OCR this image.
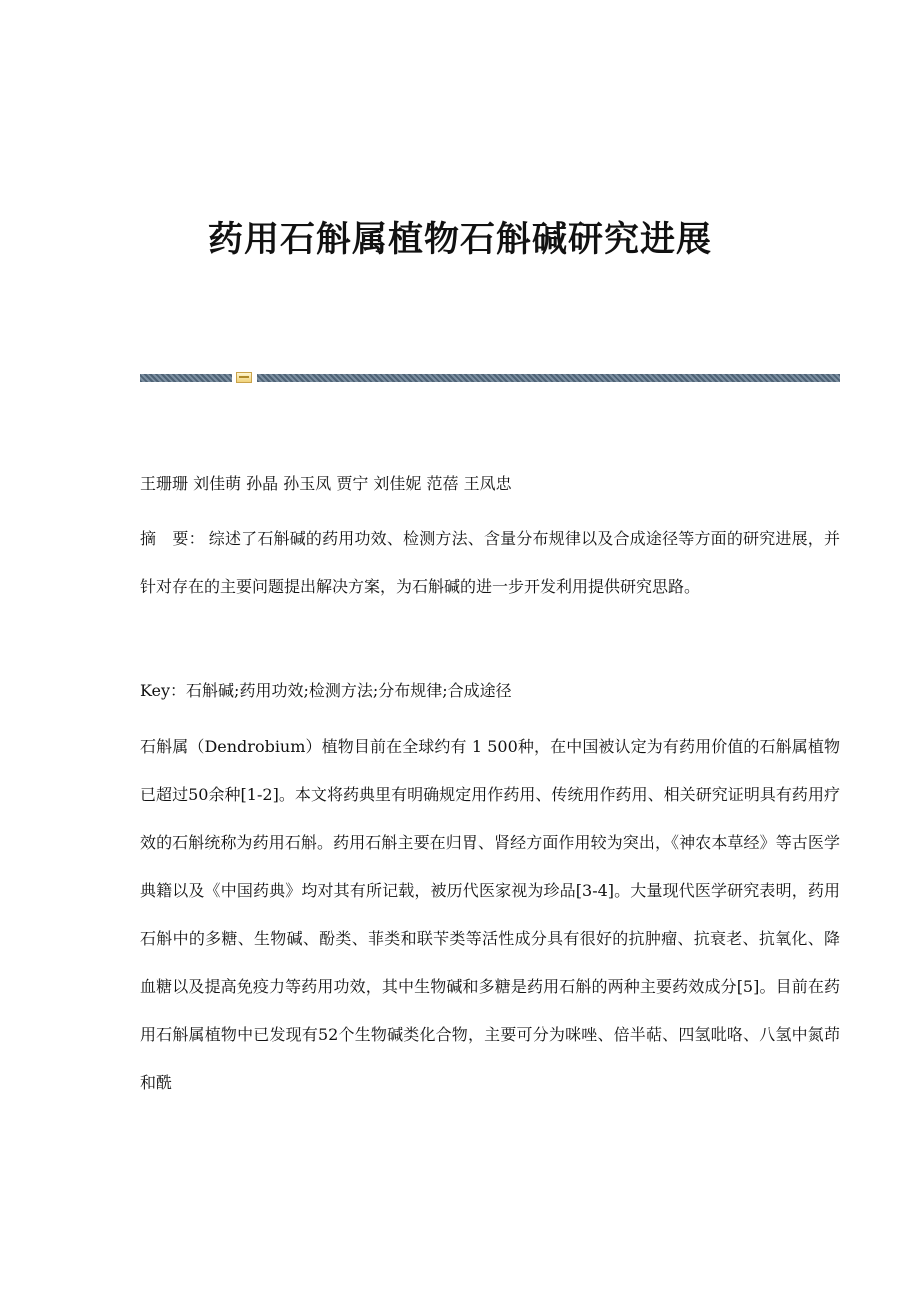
药用石斛属植物石斛碱研究进展

王珊珊 刘佳萌 孙晶 孙玉凤 贾宁 刘佳妮 范蓓 王凤忠

摘　要： 综述了石斛碱的药用功效、检测方法、含量分布规律以及合成途径等方面的研究进展，并针对存在的主要问题提出解决方案，为石斛碱的进一步开发利用提供研究思路。

Key：石斛碱;药用功效;检测方法;分布规律;合成途径

石斛属（Dendrobium）植物目前在全球约有 1 500种，在中国被认定为有药用价值的石斛属植物已超过50余种[1-2]。本文将药典里有明确规定用作药用、传统用作药用、相关研究证明具有药用疗效的石斛统称为药用石斛。药用石斛主要在归胃、肾经方面作用较为突出，《神农本草经》等古医学典籍以及《中国药典》均对其有所记载，被历代医家视为珍品[3-4]。大量现代医学研究表明，药用石斛中的多糖、生物碱、酚类、菲类和联苄类等活性成分具有很好的抗肿瘤、抗衰老、抗氧化、降血糖以及提高免疫力等药用功效，其中生物碱和多糖是药用石斛的两种主要药效成分[5]。目前在药用石斛属植物中已发现有52个生物碱类化合物，主要可分为咪唑、倍半萜、四氢吡咯、八氢中氮茚和酰
